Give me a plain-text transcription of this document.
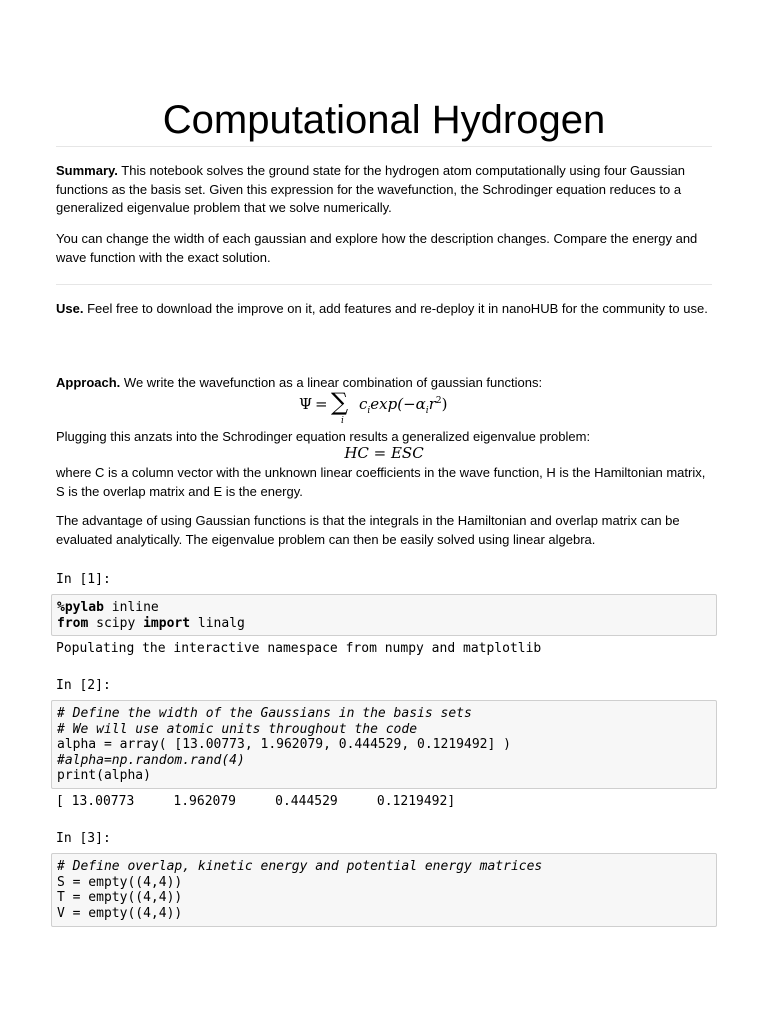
Computational Hydrogen

Summary. This notebook solves the ground state for the hydrogen atom computationally using four Gaussian functions as the basis set. Given this expression for the wavefunction, the Schrodinger equation reduces to a generalized eigenvalue problem that we solve numerically.

You can change the width of each gaussian and explore how the description changes. Compare the energy and wave function with the exact solution.

Use. Feel free to download the improve on it, add features and re-deploy it in nanoHUB for the community to use.

Approach. We write the wavefunction as a linear combination of gaussian functions:

Ψ = ∑
i
$c_i\exp(-\alpha_ir^2)$

Plugging this anzats into the Schrodinger equation results a generalized eigenvalue problem:

HC = ESC

where C is a column vector with the unknown linear coefficients in the wave function, H is the Hamiltonian matrix, S is the overlap matrix and E is the energy.

The advantage of using Gaussian functions is that the integrals in the Hamiltonian and overlap matrix can be evaluated analytically. The eigenvalue problem can then be easily solved using linear algebra.

In [1]:
%pylab inline
from scipy import linalg
Populating the interactive namespace from numpy and matplotlib
In [2]:
# Define the width of the Gaussians in the basis sets
# We will use atomic units throughout the code
alpha = array( [13.00773, 1.962079, 0.444529, 0.1219492] )
#alpha=np.random.rand(4)
print(alpha)
[ 13.00773     1.962079     0.444529     0.1219492]
In [3]:
# Define overlap, kinetic energy and potential energy matrices
S = empty((4,4))
T = empty((4,4))
V = empty((4,4))
